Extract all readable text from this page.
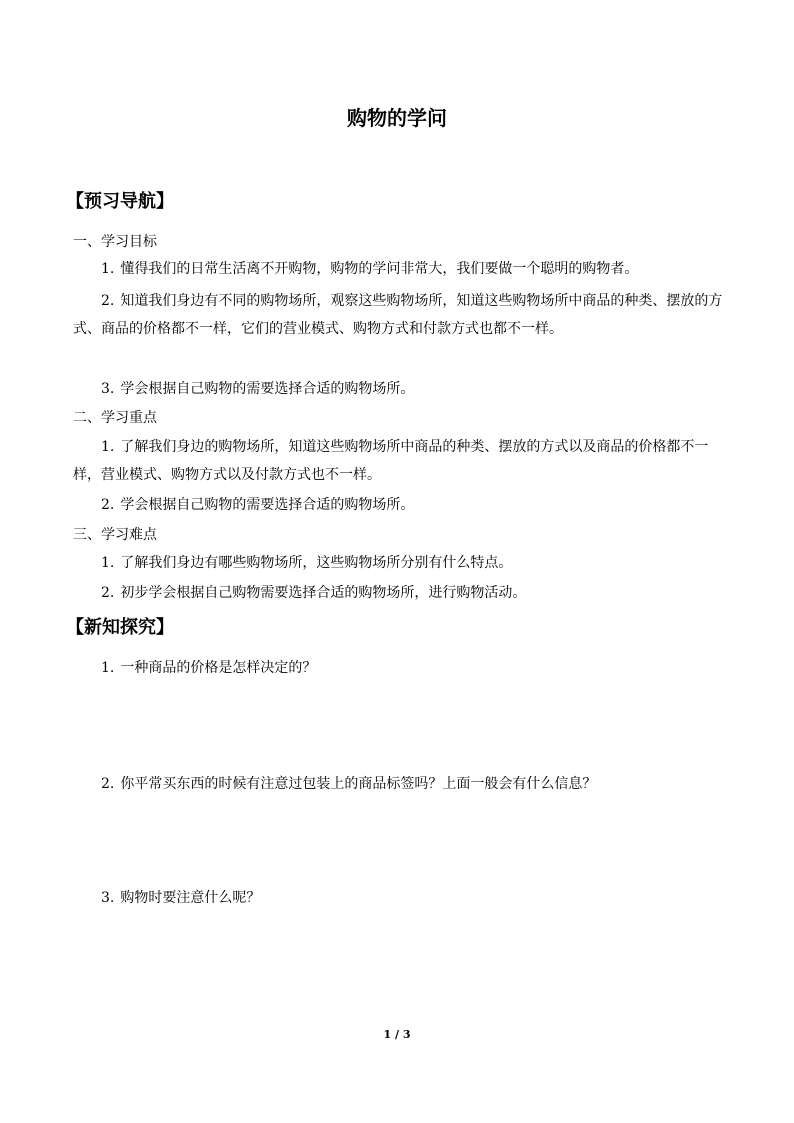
购物的学问
【预习导航】
一、学习目标
1. 懂得我们的日常生活离不开购物，购物的学问非常大，我们要做一个聪明的购物者。
2. 知道我们身边有不同的购物场所，观察这些购物场所，知道这些购物场所中商品的种类、摆放的方式、商品的价格都不一样，它们的营业模式、购物方式和付款方式也都不一样。
3. 学会根据自己购物的需要选择合适的购物场所。
二、学习重点
1. 了解我们身边的购物场所，知道这些购物场所中商品的种类、摆放的方式以及商品的价格都不一样，营业模式、购物方式以及付款方式也不一样。
2. 学会根据自己购物的需要选择合适的购物场所。
三、学习难点
1. 了解我们身边有哪些购物场所，这些购物场所分别有什么特点。
2. 初步学会根据自己购物需要选择合适的购物场所，进行购物活动。
【新知探究】
1. 一种商品的价格是怎样决定的？
2. 你平常买东西的时候有注意过包装上的商品标签吗？上面一般会有什么信息？
3. 购物时要注意什么呢？
1 / 3
